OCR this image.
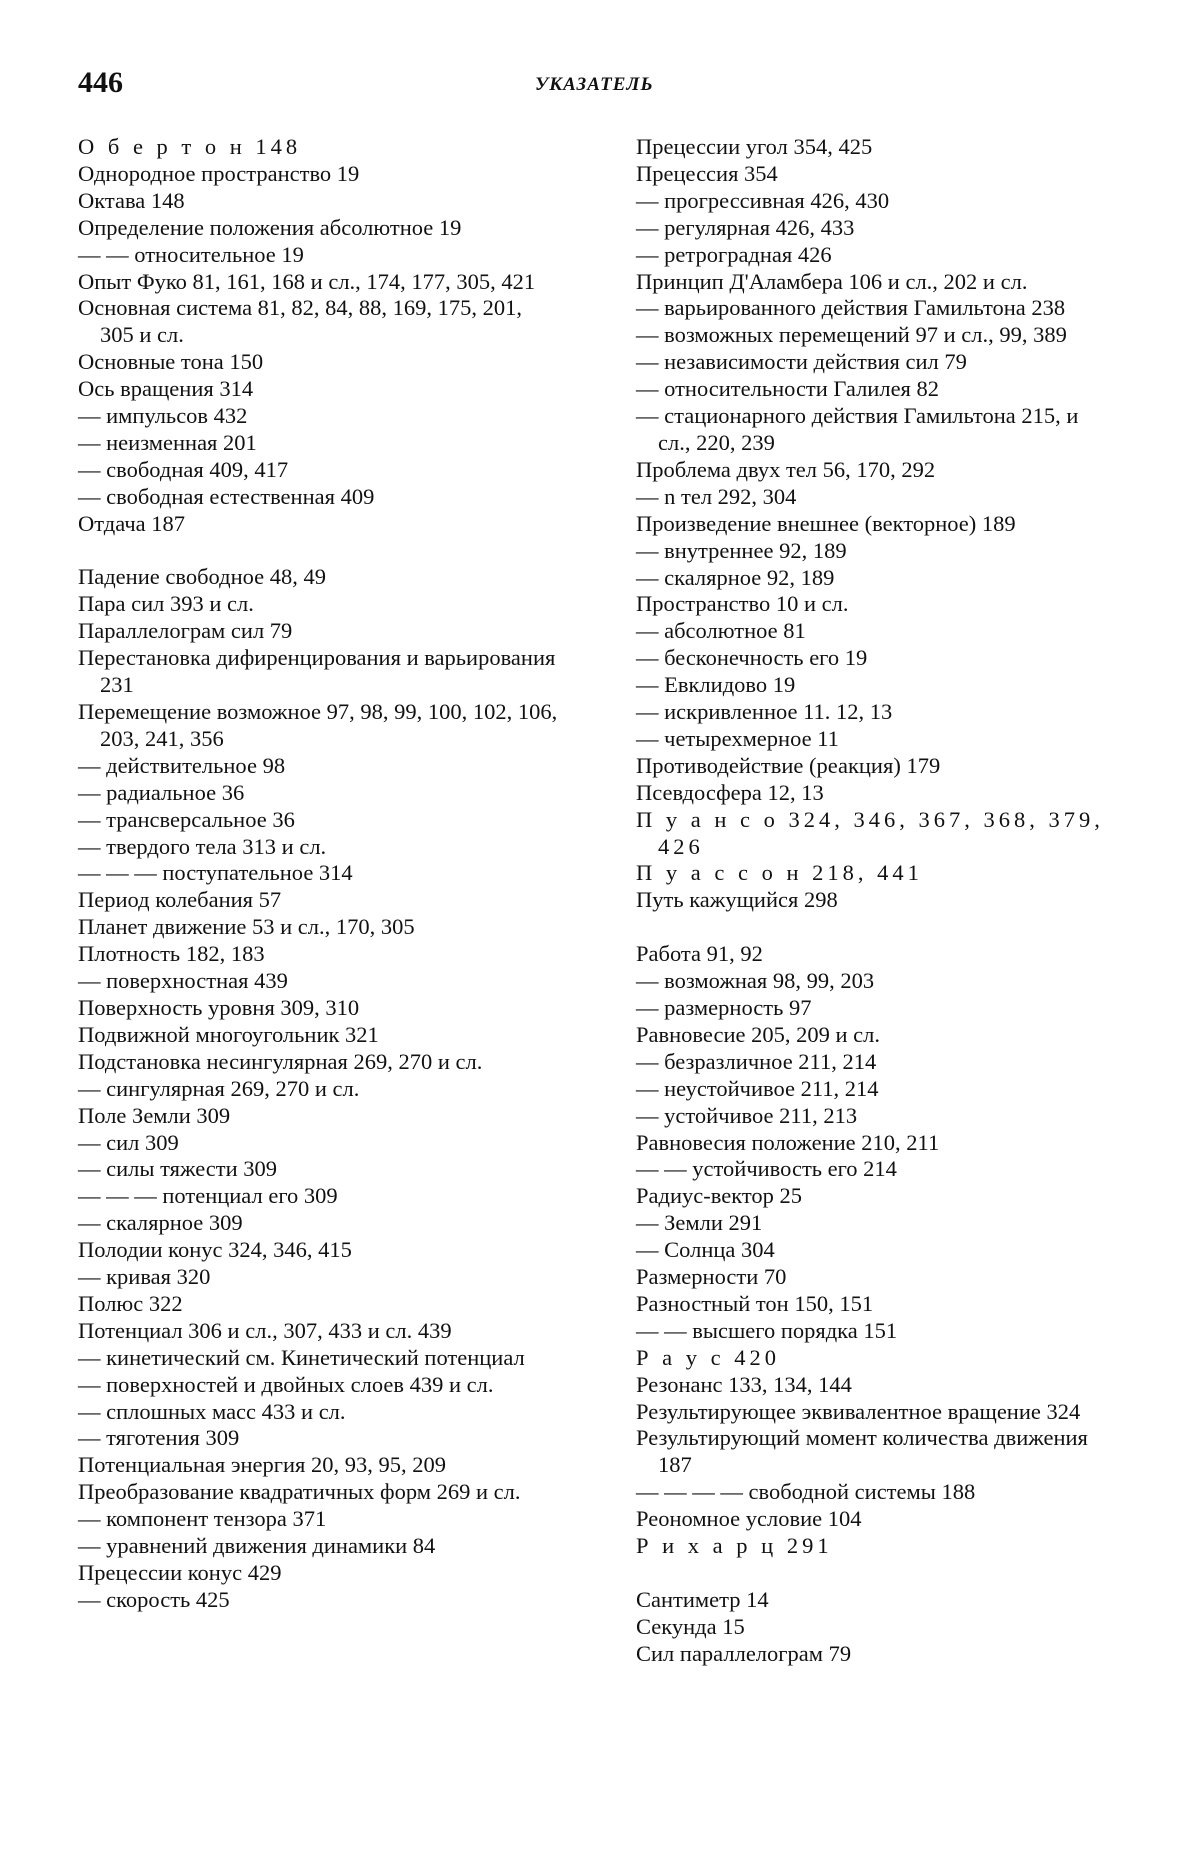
446	УКАЗАТЕЛЬ
О б е р т о н 148
Однородное пространство 19
Октава 148
Определение положения абсолютное 19
— — относительное 19
Опыт Фуко 81, 161, 168 и сл., 174, 177, 305, 421
Основная система 81, 82, 84, 88, 169, 175, 201, 305 и сл.
Основные тона 150
Ось вращения 314
— импульсов 432
— неизменная 201
— свободная 409, 417
— свободная естественная 409
Отдача 187
Падение свободное 48, 49
Пара сил 393 и сл.
Параллелограм сил 79
Перестановка дифиренцирования и варьирования 231
Перемещение возможное 97, 98, 99, 100, 102, 106, 203, 241, 356
— действительное 98
— радиальное 36
— трансверсальное 36
— твердого тела 313 и сл.
— — — поступательное 314
Период колебания 57
Планет движение 53 и сл., 170, 305
Плотность 182, 183
— поверхностная 439
Поверхность уровня 309, 310
Подвижной многоугольник 321
Подстановка несингулярная 269, 270 и сл.
— сингулярная 269, 270 и сл.
Поле Земли 309
— сил 309
— силы тяжести 309
— — — потенциал его 309
— скалярное 309
Полодии конус 324, 346, 415
— кривая 320
Полюс 322
Потенциал 306 и сл., 307, 433 и сл. 439
— кинетический см. Кинетический потенциал
— поверхностей и двойных слоев 439 и сл.
— сплошных масс 433 и сл.
— тяготения 309
Потенциальная энергия 20, 93, 95, 209
Преобразование квадратичных форм 269 и сл.
— компонент тензора 371
— уравнений движения динамики 84
Прецессии конус 429
— скорость 425
Прецессии угол 354, 425
Прецессия 354
— прогрессивная 426, 430
— регулярная 426, 433
— ретроградная 426
Принцип Д'Аламбера 106 и сл., 202 и сл.
— варьированного действия Гамильтона 238
— возможных перемещений 97 и сл., 99, 389
— независимости действия сил 79
— относительности Галилея 82
— стационарного действия Гамильтона 215, и сл., 220, 239
Проблема двух тел 56, 170, 292
— n тел 292, 304
Произведение внешнее (векторное) 189
— внутреннее 92, 189
— скалярное 92, 189
Пространство 10 и сл.
— абсолютное 81
— бесконечность его 19
— Евклидово 19
— искривленное 11. 12, 13
— четырехмерное 11
Противодействие (реакция) 179
Псевдосфера 12, 13
П у а н с о 324, 346, 367, 368, 379, 426
П у а с с о н 218, 441
Путь кажущийся 298
Работа 91, 92
— возможная 98, 99, 203
— размерность 97
Равновесие 205, 209 и сл.
— безразличное 211, 214
— неустойчивое 211, 214
— устойчивое 211, 213
Равновесия положение 210, 211
— — устойчивость его 214
Радиус-вектор 25
— Земли 291
— Солнца 304
Размерности 70
Разностный тон 150, 151
— — высшего порядка 151
Р а у с 420
Резонанс 133, 134, 144
Результирующее эквивалентное вращение 324
Результирующий момент количества движения 187
— — — — свободной системы 188
Реономное условие 104
Р и х а р ц 291
Сантиметр 14
Секунда 15
Сил параллелограм 79
